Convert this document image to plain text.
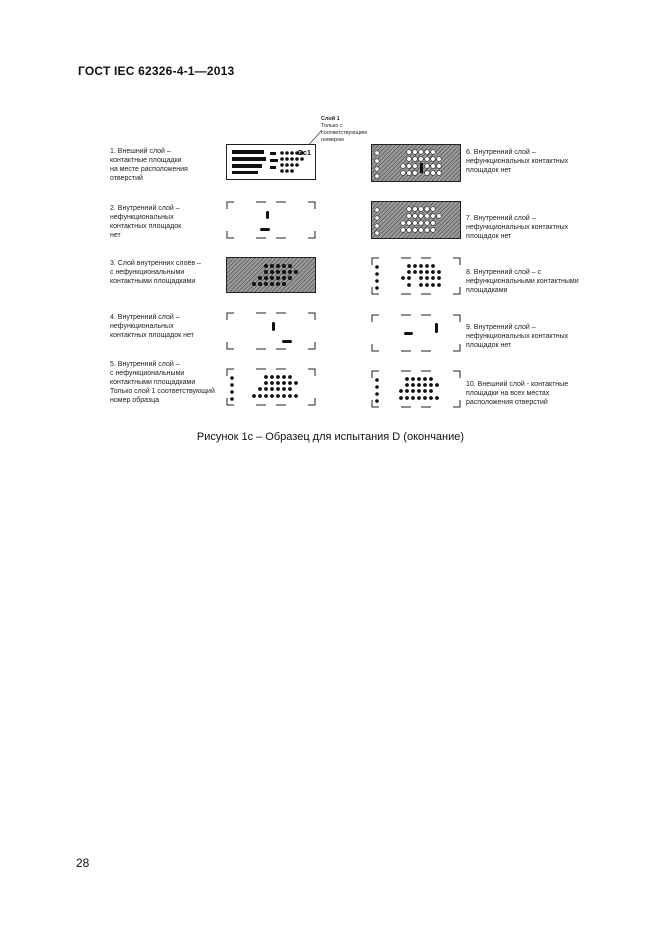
ГОСТ IEC 62326-4-1—2013
Слой 1
Только с
соответствующим
номером
1. Внешний слой –
контактные площадки
на месте расположения
отверстий
2. Внутренний слой –
нефункциональных
контактных площадок
нет
3. Слой внутренних слоёв –
с нефункциональными
контактными площадками
4. Внутренний слой –
нефункциональных
контактных площадок нет
5. Внутренний слой –
с нефункциональными
контактными площадками
Только слой 1 соответствующий
номер образца
6. Внутренний слой –
нефункциональных контактных
площадок нет
7. Внутренний слой –
нефункциональных контактных
площадок нет
8. Внутренний слой – с
нефункциональными контактными
площадками
9. Внутренний слой –
нефункциональных контактных
площадок нет
10. Внешний слой - контактные
площадки на всех местах
расположения отверстий
Dᴄ1
Рисунок 1с – Образец для испытания D (окончание)
28
